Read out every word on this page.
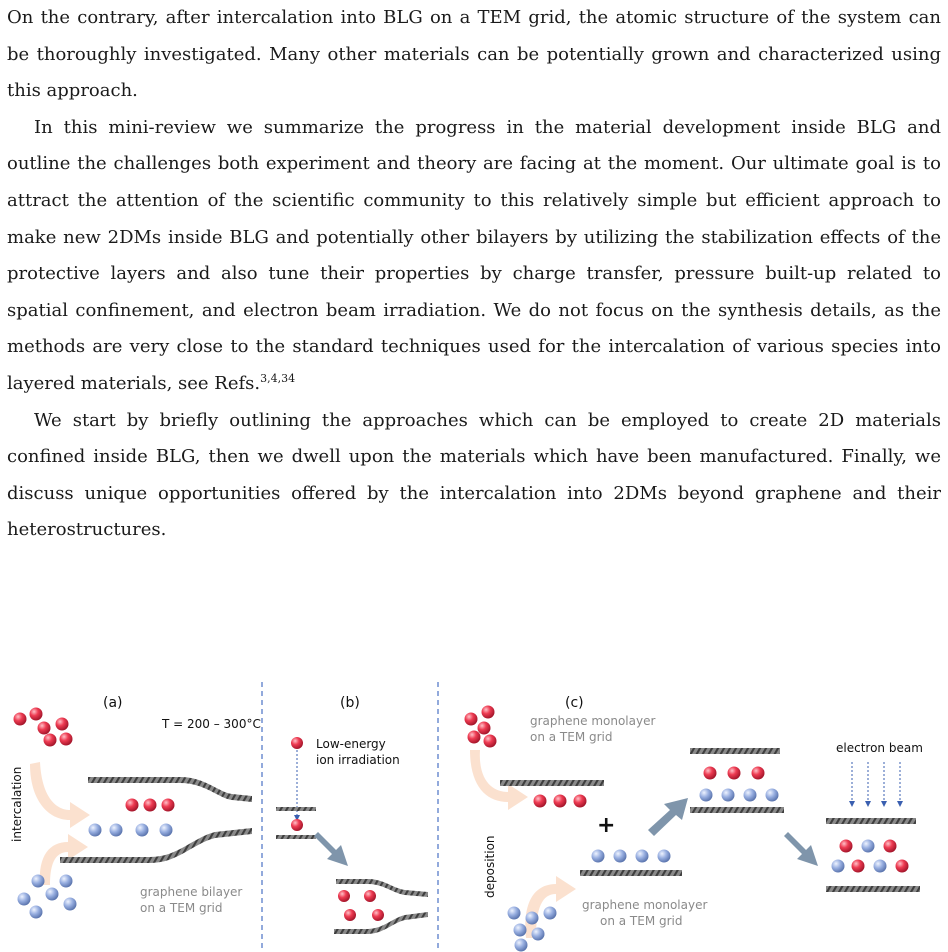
On the contrary, after intercalation into BLG on a TEM grid, the atomic structure of the system can be thoroughly investigated. Many other materials can be potentially grown and characterized using this approach.

In this mini-review we summarize the progress in the material development inside BLG and outline the challenges both experiment and theory are facing at the moment. Our ultimate goal is to attract the attention of the scientific community to this relatively simple but efficient approach to make new 2DMs inside BLG and potentially other bilayers by utilizing the stabilization effects of the protective layers and also tune their properties by charge transfer, pressure built-up related to spatial confinement, and electron beam irradiation. We do not focus on the synthesis details, as the methods are very close to the standard techniques used for the intercalation of various species into layered materials, see Refs.$^{3,4,34}$

We start by briefly outlining the approaches which can be employed to create 2D materials confined inside BLG, then we dwell upon the materials which have been manufactured. Finally, we discuss unique opportunities offered by the intercalation into 2DMs beyond graphene and their heterostructures.

(a)
T = 200 – 300°C
intercalation
graphene bilayer
on a TEM grid
(b)
Low-energy
ion irradiation
(c)
graphene monolayer
on a TEM grid
+
deposition
graphene monolayer
on a TEM grid
electron beam
